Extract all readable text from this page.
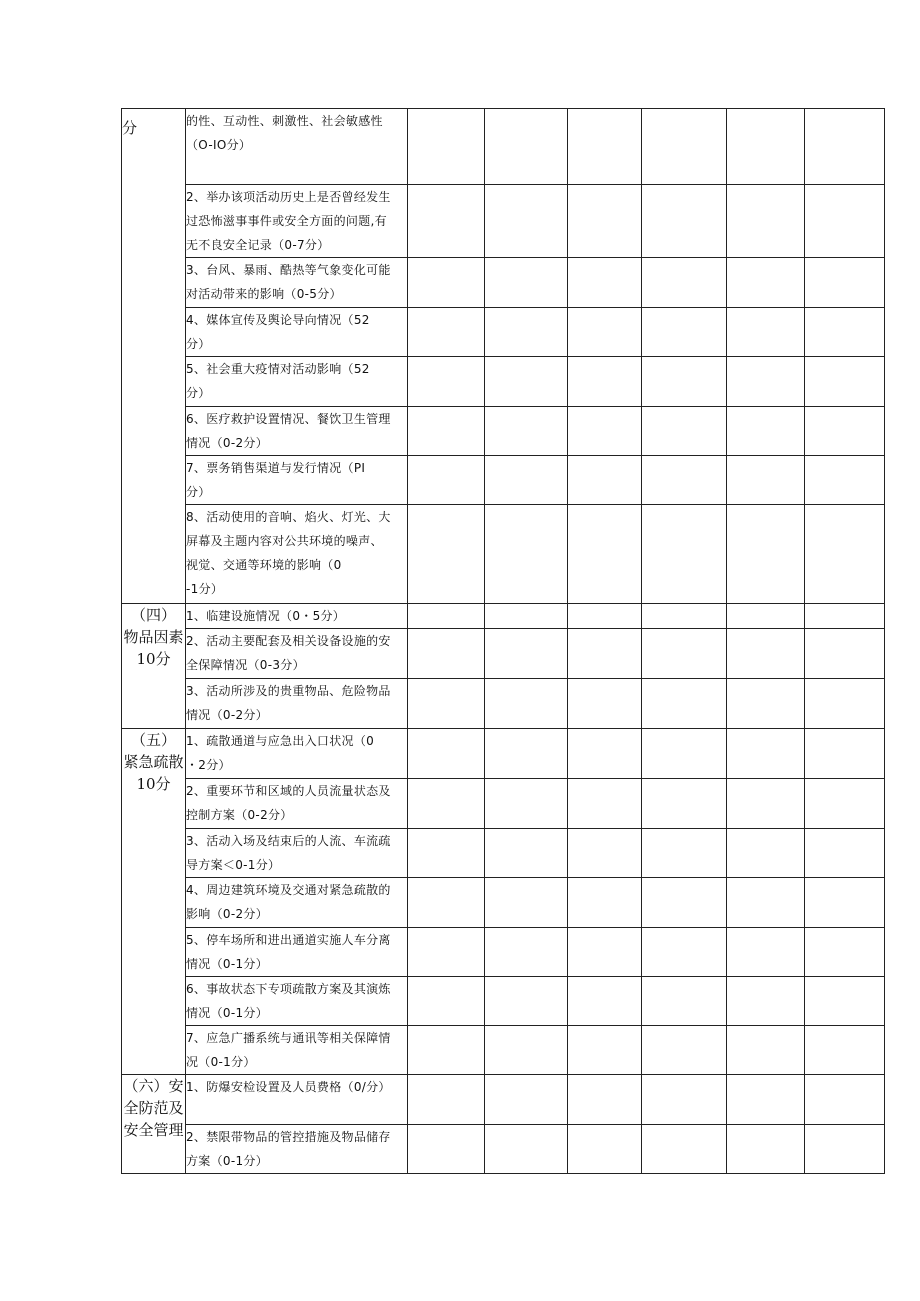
分	的性、互动性、刺激性、社会敏感性
（O-IO分）						

	2、举办该项活动历史上是否曾经发生
过恐怖滋事事件或安全方面的问题,有
无不良安全记录（0-7分）						

	3、台风、暴雨、酷热等气象变化可能
对活动带来的影响（0-5分）						

	4、媒体宣传及舆论导向情况（52
分）						

	5、社会重大疫情对活动影响（52
分）						

	6、医疗救护设置情况、餐饮卫生管理
情况（0-2分）						

	7、票务销售渠道与发行情况（PI
分）						

	8、活动使用的音响、焰火、灯光、大
屏幕及主题内容对公共环境的噪声、
视觉、交通等环境的影响（0
-1分）						

（四）
物品因素
10分	1、临建设施情况（0・5分）						

	2、活动主要配套及相关设备设施的安
全保障情况（0-3分）						

	3、活动所涉及的贵重物品、危险物品
情况（0-2分）						

（五）
紧急疏散
10分	1、疏散通道与应急出入口状况（0
・2分）						

	2、重要环节和区域的人员流量状态及
控制方案（0-2分）						

	3、活动入场及结束后的人流、车流疏
导方案＜0-1分）						

	4、周边建筑环境及交通对紧急疏散的
影响（0-2分）						

	5、停车场所和进出通道实施人车分离
情况（0-1分）						

	6、事故状态下专项疏散方案及其演炼
情况（0-1分）						

	7、应急广播系统与通讯等相关保障情
况（0-1分）						

（六）安
全防范及
安全管理	1、防爆安检设置及人员费格（0/分）						

	2、禁限带物品的管控措施及物品储存
方案（0-1分）						
